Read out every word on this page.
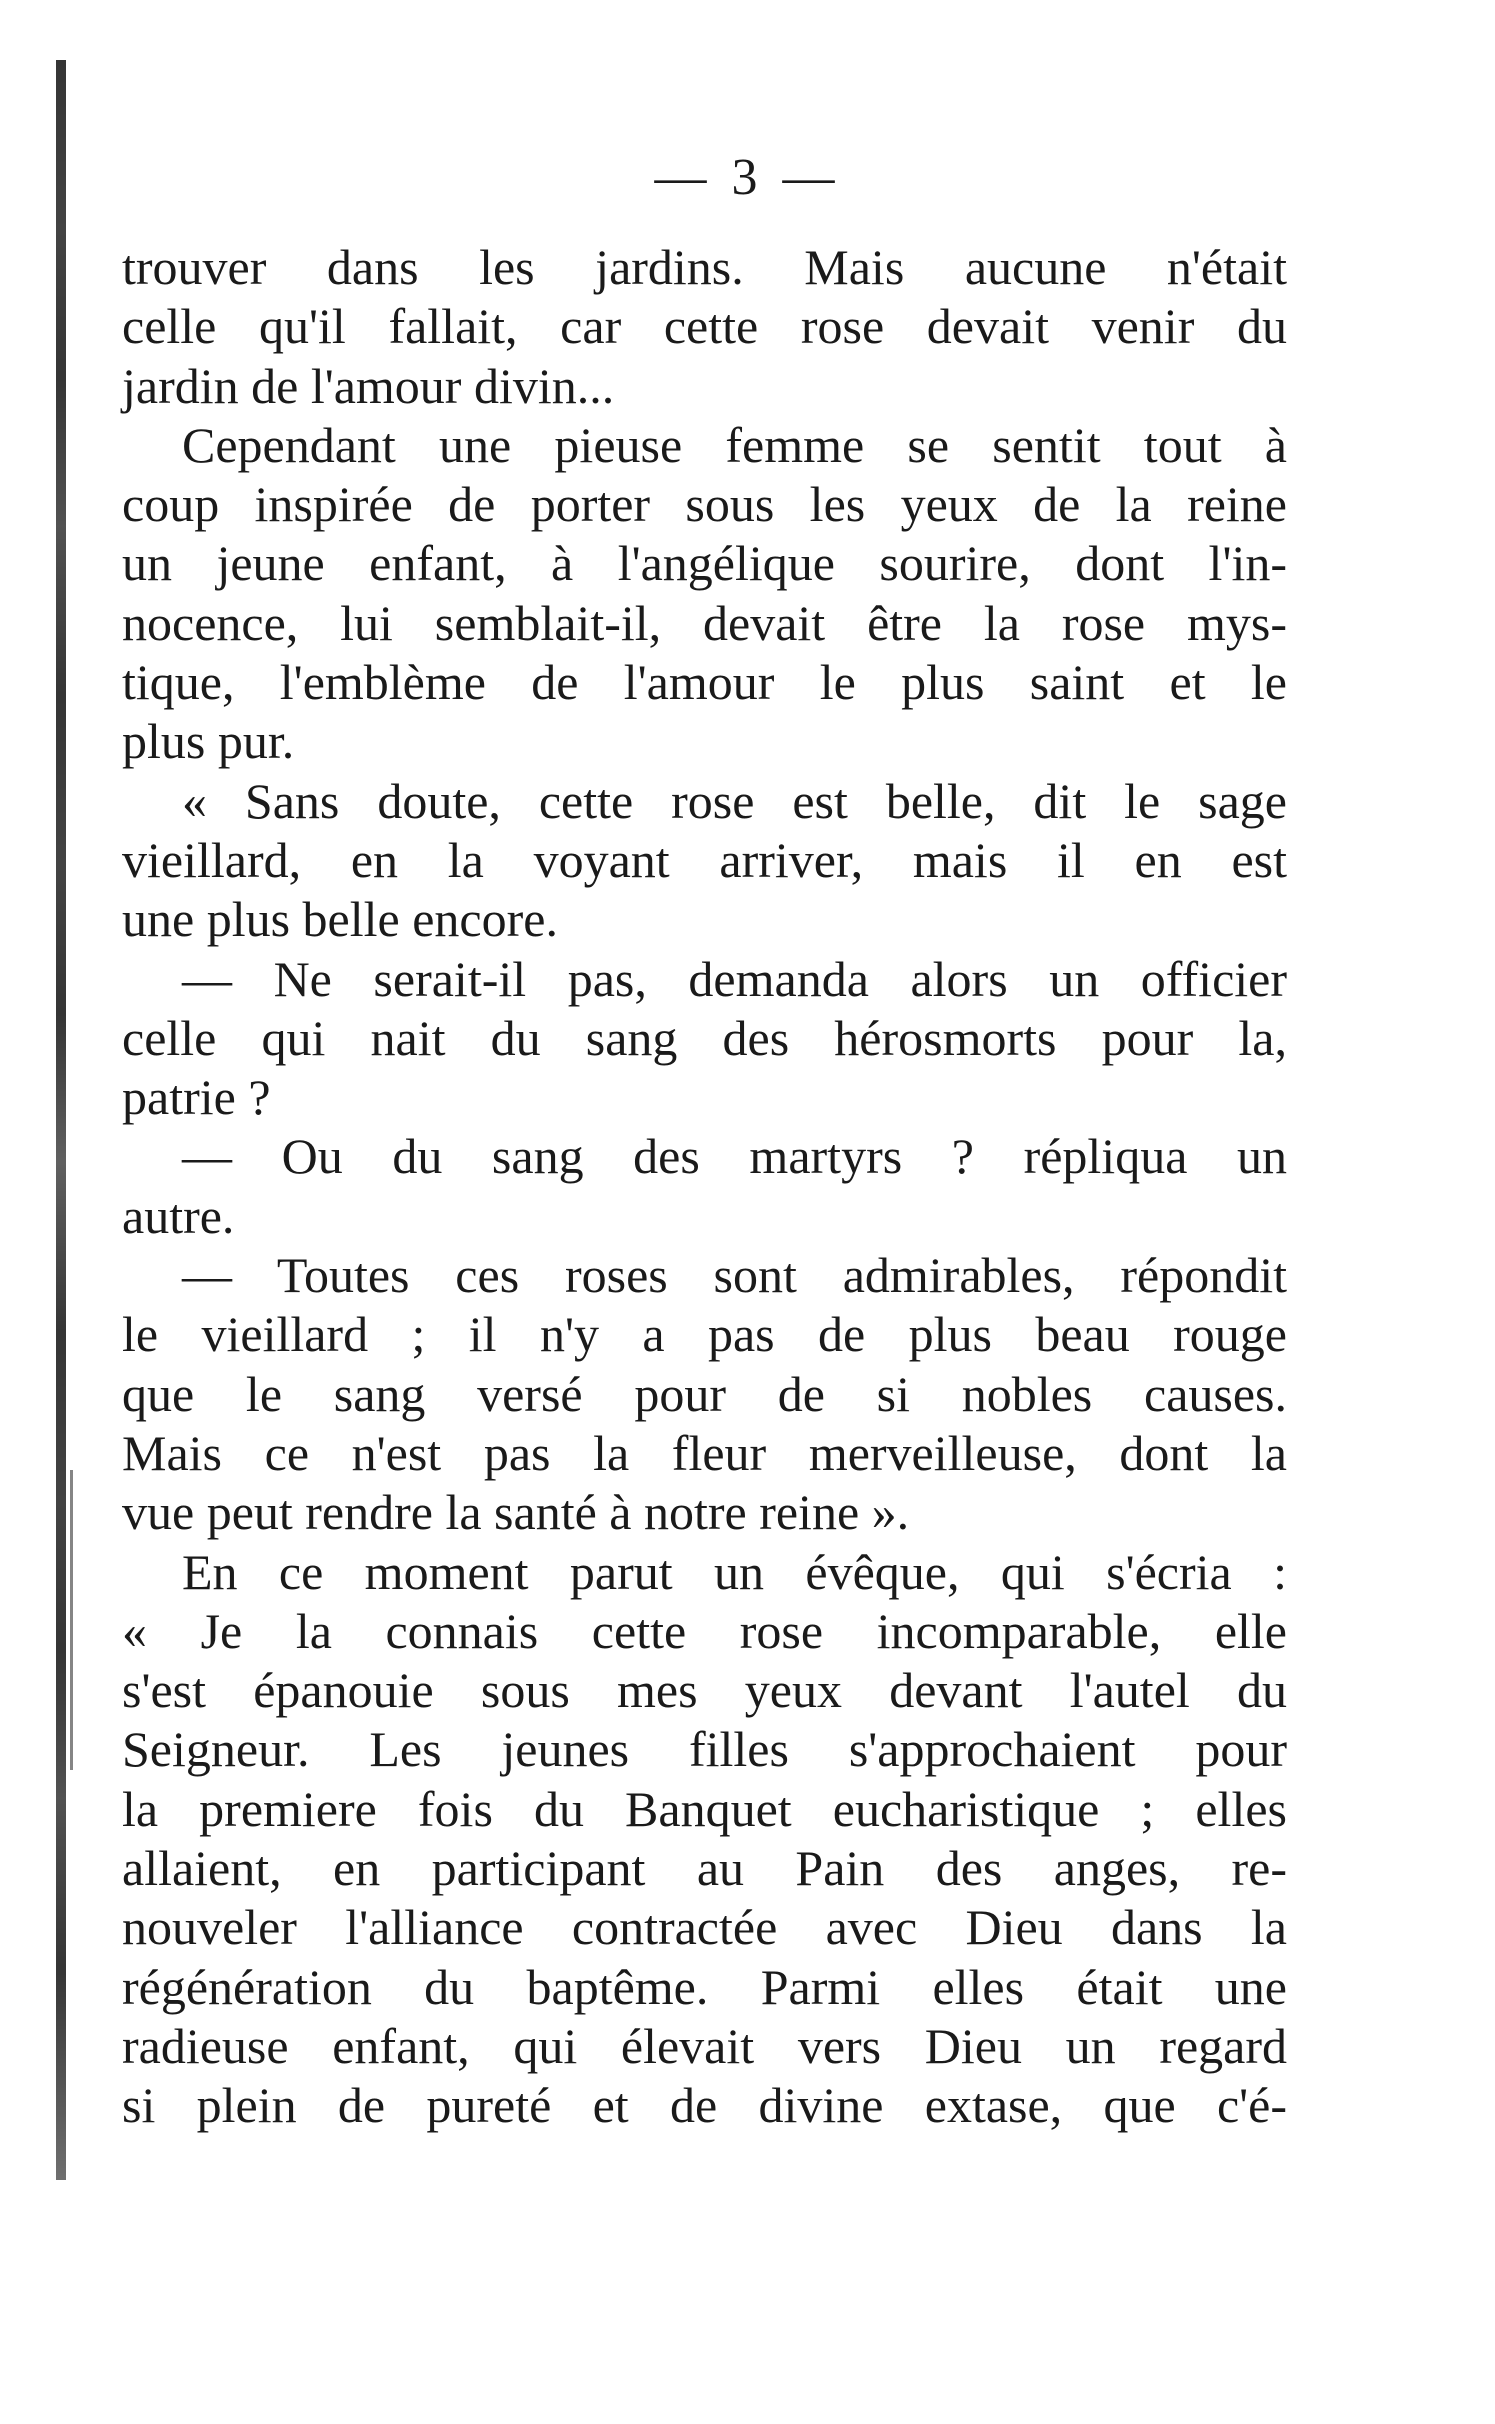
— 3 —
trouver dans les jardins. Mais aucune n'était
celle qu'il fallait, car cette rose devait venir du
jardin de l'amour divin...
Cependant une pieuse femme se sentit tout à
coup inspirée de porter sous les yeux de la reine
un jeune enfant, à l'angélique sourire, dont l'in-
nocence, lui semblait-il, devait être la rose mys-
tique, l'emblème de l'amour le plus saint et le
plus pur.
« Sans doute, cette rose est belle, dit le sage
vieillard, en la voyant arriver, mais il en est
une plus belle encore.
— Ne serait-il pas, demanda alors un officier
celle qui nait du sang des hérosmorts pour la,
patrie ?
— Ou du sang des martyrs ? répliqua un
autre.
— Toutes ces roses sont admirables, répondit
le vieillard ; il n'y a pas de plus beau rouge
que le sang versé pour de si nobles causes.
Mais ce n'est pas la fleur merveilleuse, dont la
vue peut rendre la santé à notre reine ».
En ce moment parut un évêque, qui s'écria :
« Je la connais cette rose incomparable, elle
s'est épanouie sous mes yeux devant l'autel du
Seigneur. Les jeunes filles s'approchaient pour
la premiere fois du Banquet eucharistique ; elles
allaient, en participant au Pain des anges, re-
nouveler l'alliance contractée avec Dieu dans la
régénération du baptême. Parmi elles était une
radieuse enfant, qui élevait vers Dieu un regard
si plein de pureté et de divine extase, que c'é-
